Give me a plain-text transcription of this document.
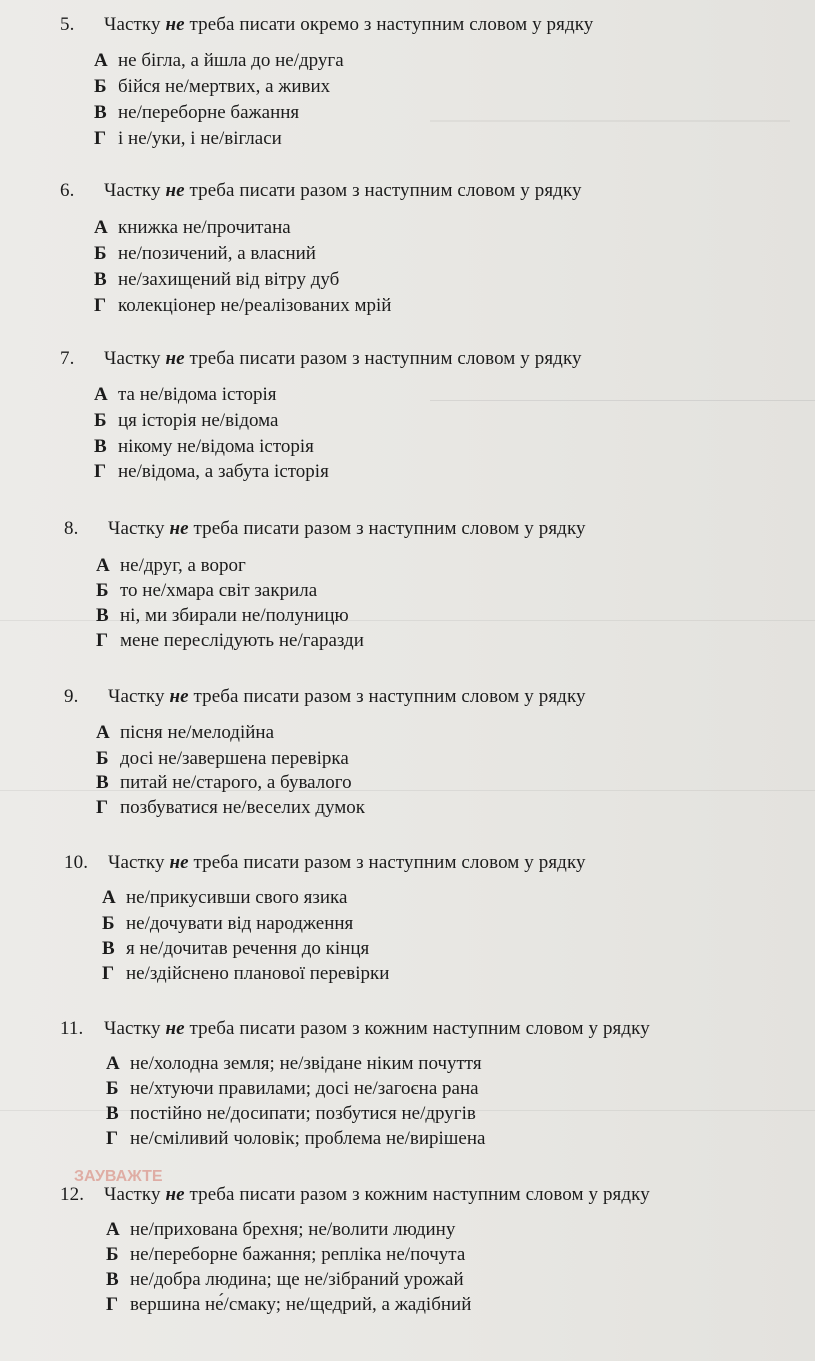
5. Частку не треба писати окремо з наступним словом у рядку
А не бігла, а йшла до не/друга
Б бійся не/мертвих, а живих
В не/переборне бажання
Г і не/уки, і не/вігласи
6. Частку не треба писати разом з наступним словом у рядку
А книжка не/прочитана
Б не/позичений, а власний
В не/захищений від вітру дуб
Г колекціонер не/реалізованих мрій
7. Частку не треба писати разом з наступним словом у рядку
А та не/відома історія
Б ця історія не/відома
В нікому не/відома історія
Г не/відома, а забута історія
8. Частку не треба писати разом з наступним словом у рядку
А не/друг, а ворог
Б то не/хмара світ закрила
В ні, ми збирали не/полуницю
Г мене переслідують не/гаразди
9. Частку не треба писати разом з наступним словом у рядку
А пісня не/мелодійна
Б досі не/завершена перевірка
В питай не/старого, а бувалого
Г позбуватися не/веселих думок
10. Частку не треба писати разом з наступним словом у рядку
А не/прикусивши свого язика
Б не/дочувати від народження
В я не/дочитав речення до кінця
Г не/здійснено планової перевірки
11. Частку не треба писати разом з кожним наступним словом у рядку
А не/холодна земля; не/звідане ніким почуття
Б не/хтуючи правилами; досі не/загоєна рана
В постійно не/досипати; позбутися не/другів
Г не/сміливий чоловік; проблема не/вирішена
ЗАУВАЖТЕ
12. Частку не треба писати разом з кожним наступним словом у рядку
А не/прихована брехня; не/волити людину
Б не/переборне бажання; репліка не/почута
В не/добра людина; ще не/зібраний урожай
Г вершина не́/смаку; не/щедрий, а жадібний
